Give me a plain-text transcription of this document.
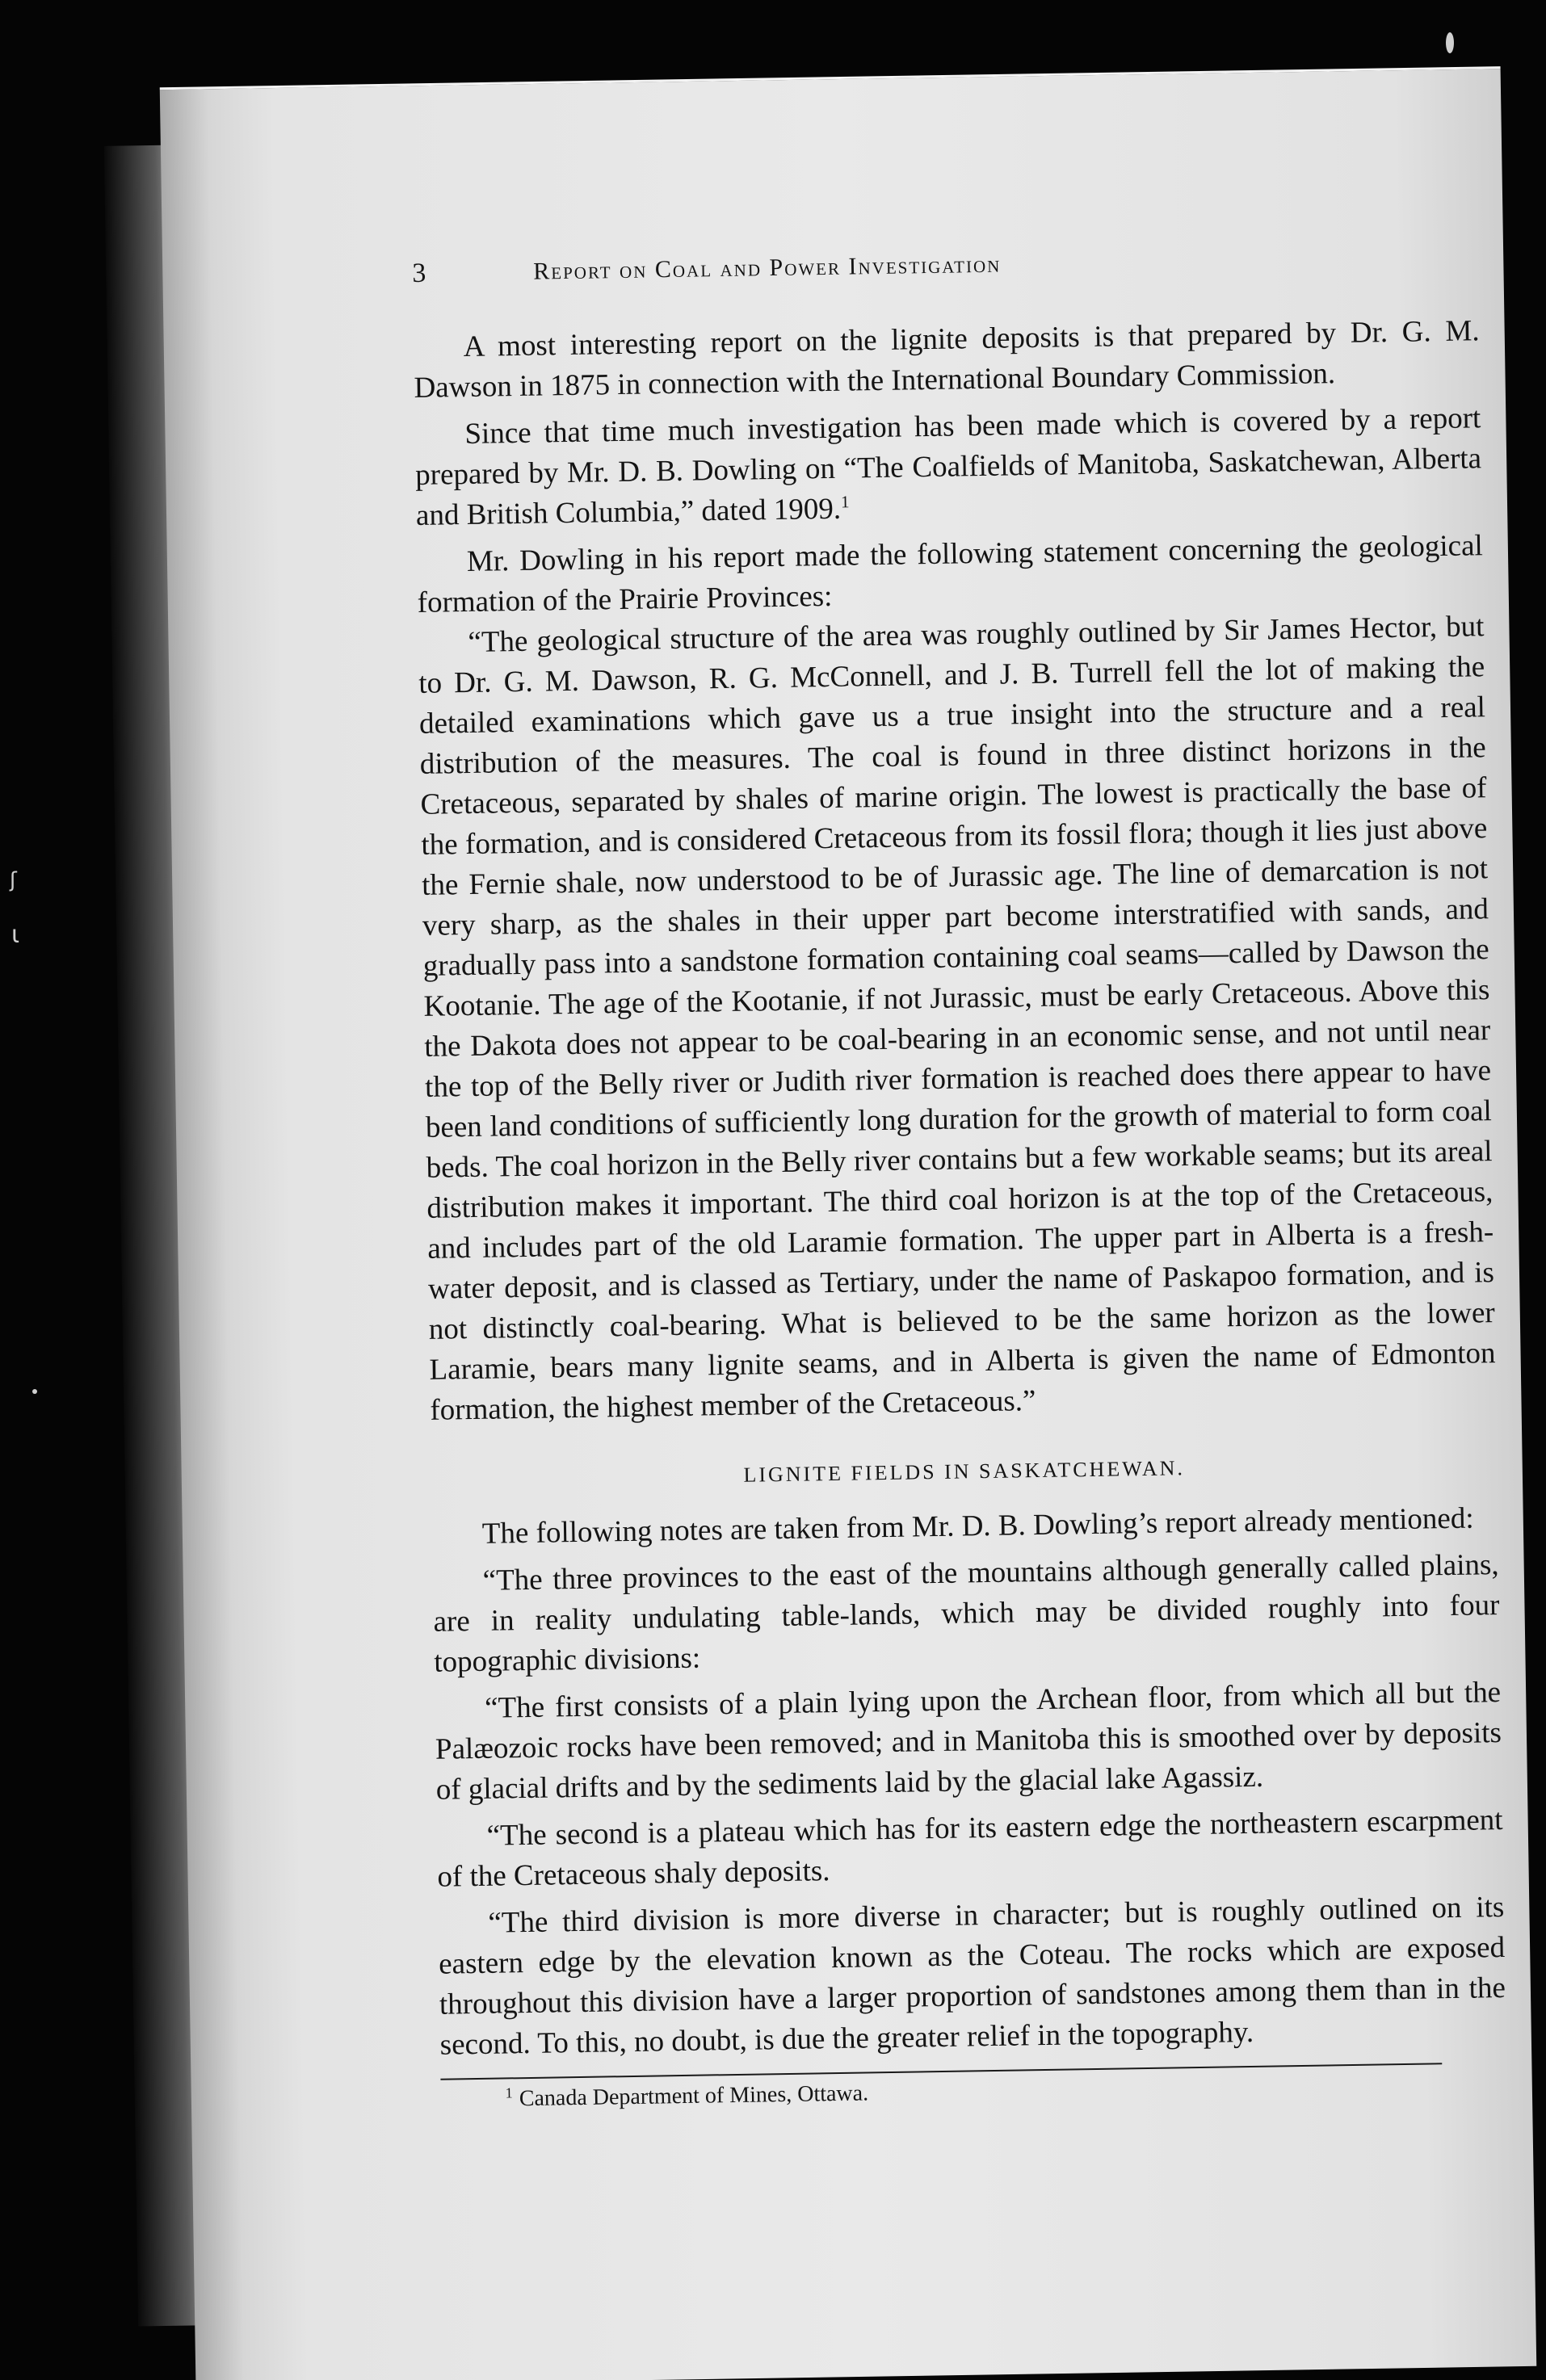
ʃ
ɩ
3	Report on Coal and Power Investigation

A most interesting report on the lignite deposits is that prepared by Dr. G. M. Dawson in 1875 in connection with the International Boundary Commission.

Since that time much investigation has been made which is covered by a report prepared by Mr. D. B. Dowling on “The Coalfields of Manitoba, Saskatchewan, Alberta and British Columbia,” dated 1909.$^1$

Mr. Dowling in his report made the following statement concerning the geological formation of the Prairie Provinces:

“The geological structure of the area was roughly outlined by Sir James Hector, but to Dr. G. M. Dawson, R. G. McConnell, and J. B. Turrell fell the lot of making the detailed examinations which gave us a true insight into the structure and a real distribution of the measures. The coal is found in three distinct horizons in the Cretaceous, separated by shales of marine origin. The lowest is practically the base of the formation, and is considered Cretaceous from its fossil flora; though it lies just above the Fernie shale, now understood to be of Jurassic age. The line of demarcation is not very sharp, as the shales in their upper part become interstratified with sands, and gradually pass into a sandstone formation containing coal seams—called by Dawson the Kootanie. The age of the Kootanie, if not Jurassic, must be early Cretaceous. Above this the Dakota does not appear to be coal-bearing in an economic sense, and not until near the top of the Belly river or Judith river formation is reached does there appear to have been land conditions of sufficiently long duration for the growth of material to form coal beds. The coal horizon in the Belly river contains but a few workable seams; but its areal distribution makes it important. The third coal horizon is at the top of the Cretaceous, and includes part of the old Laramie formation. The upper part in Alberta is a fresh-water deposit, and is classed as Tertiary, under the name of Paskapoo formation, and is not distinctly coal-bearing. What is believed to be the same horizon as the lower Laramie, bears many lignite seams, and in Alberta is given the name of Edmonton formation, the highest member of the Cretaceous.”

LIGNITE FIELDS IN SASKATCHEWAN.

The following notes are taken from Mr. D. B. Dowling’s report already mentioned:

“The three provinces to the east of the mountains although generally called plains, are in reality undulating table-lands, which may be divided roughly into four topographic divisions:

“The first consists of a plain lying upon the Archean floor, from which all but the Palæozoic rocks have been removed; and in Manitoba this is smoothed over by deposits of glacial drifts and by the sediments laid by the glacial lake Agassiz.

“The second is a plateau which has for its eastern edge the northeastern escarpment of the Cretaceous shaly deposits.

“The third division is more diverse in character; but is roughly outlined on its eastern edge by the elevation known as the Coteau. The rocks which are exposed throughout this division have a larger proportion of sandstones among them than in the second. To this, no doubt, is due the greater relief in the topography.

$^1$ Canada Department of Mines, Ottawa.
